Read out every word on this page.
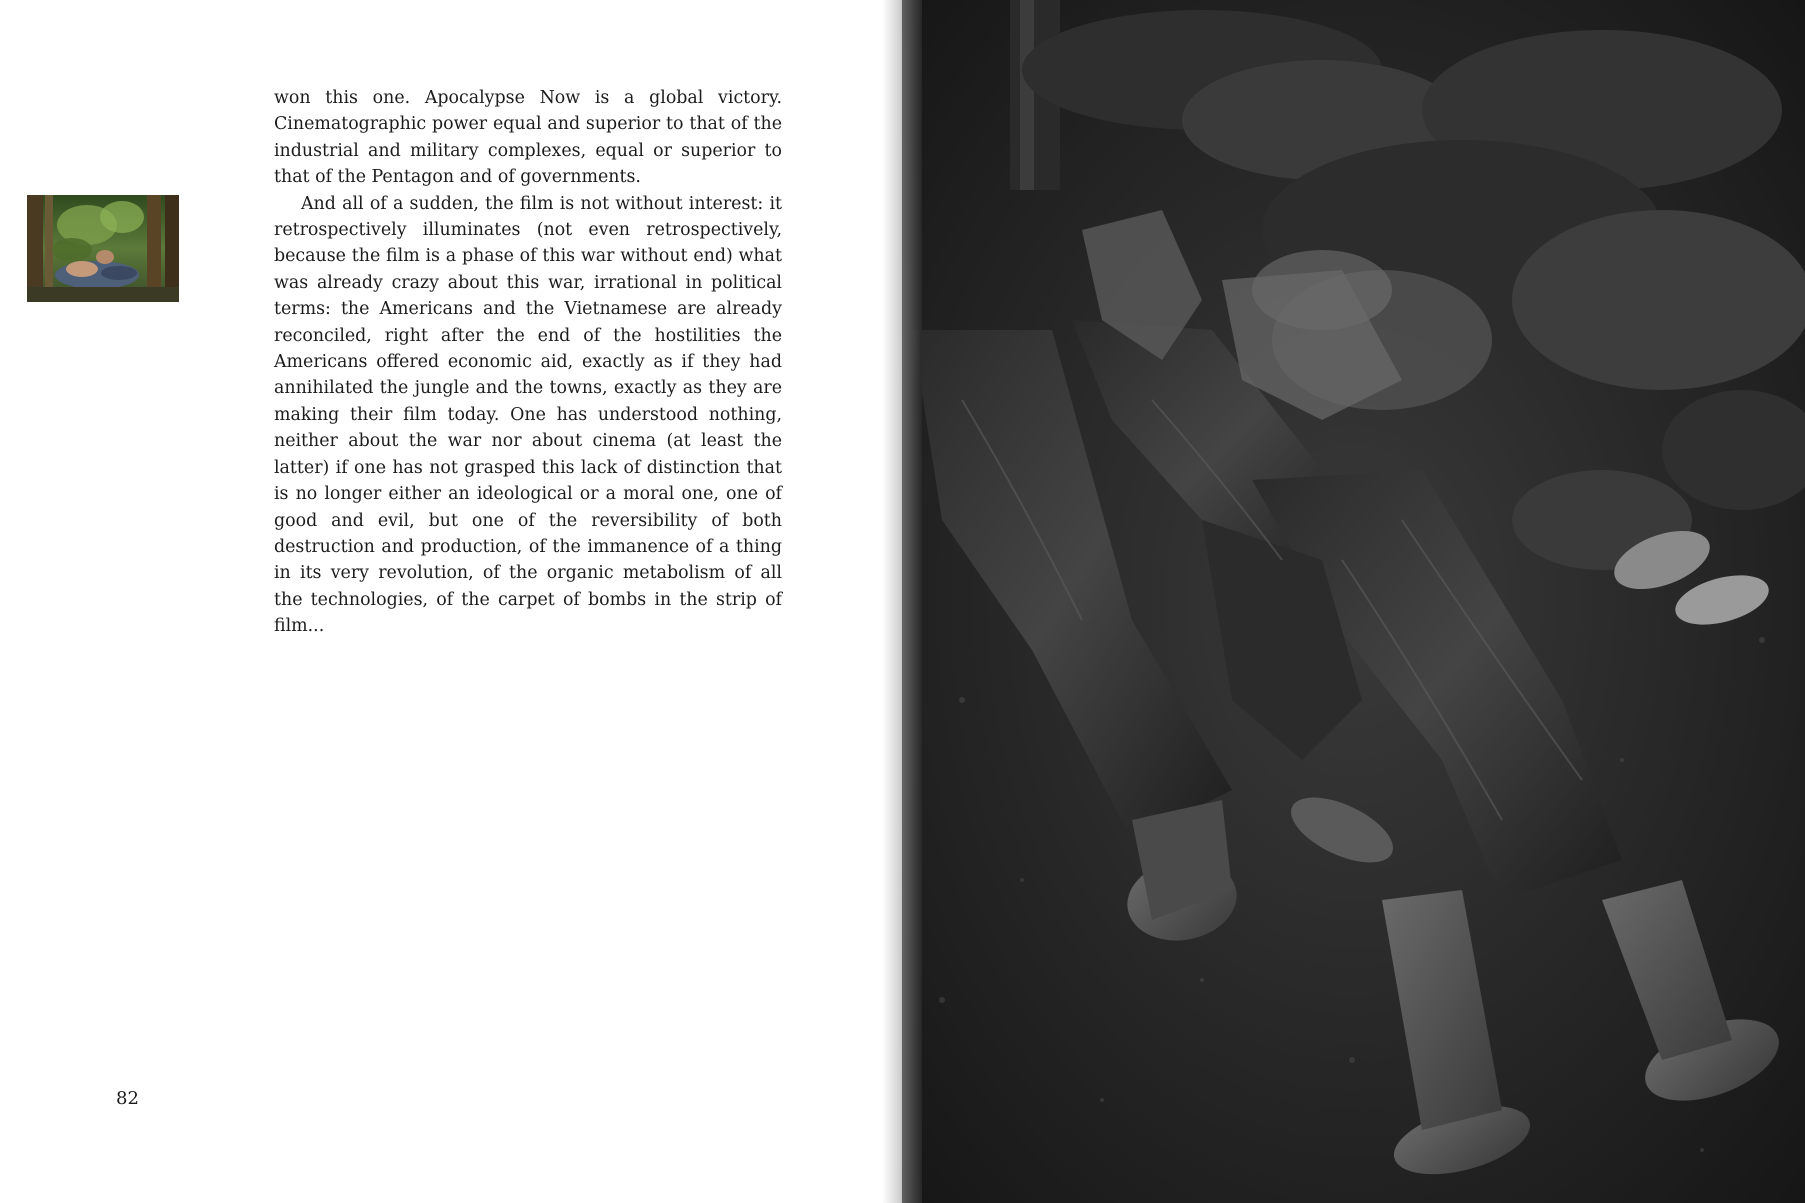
won this one. Apocalypse Now is a global victory. Cinematographic power equal and superior to that of the industrial and military complexes, equal or superior to that of the Pentagon and of governments.

And all of a sudden, the film is not without interest: it retrospectively illuminates (not even retrospectively, because the film is a phase of this war without end) what was already crazy about this war, irrational in political terms: the Americans and the Vietnamese are already reconciled, right after the end of the hostilities the Americans offered economic aid, exactly as if they had annihilated the jungle and the towns, exactly as they are making their film today. One has understood nothing, neither about the war nor about cinema (at least the latter) if one has not grasped this lack of distinction that is no longer either an ideological or a moral one, one of good and evil, but one of the reversibility of both destruction and production, of the immanence of a thing in its very revolution, of the organic metabolism of all the technologies, of the carpet of bombs in the strip of film...

82
